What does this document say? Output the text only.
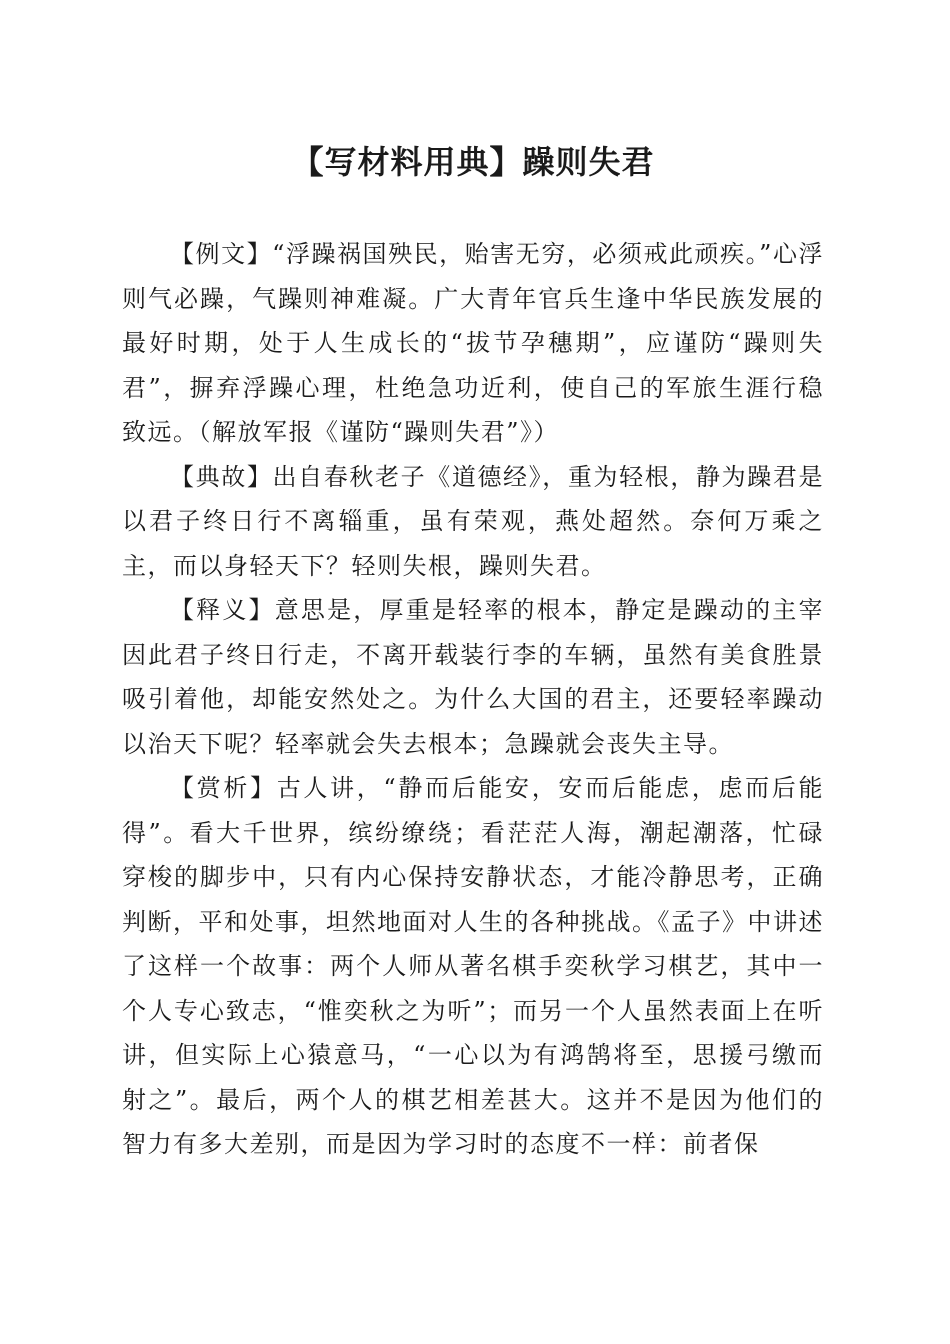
【写材料用典】躁则失君

【例文】“浮躁祸国殃民，贻害无穷，必须戒此顽疾。”心浮则气必躁，气躁则神难凝。广大青年官兵生逢中华民族发展的最好时期，处于人生成长的“拔节孕穗期”，应谨防“躁则失君”，摒弃浮躁心理，杜绝急功近利，使自己的军旅生涯行稳致远。（解放军报《谨防“躁则失君”》）

【典故】出自春秋老子《道德经》，重为轻根，静为躁君是以君子终日行不离辎重，虽有荣观，燕处超然。奈何万乘之主，而以身轻天下？轻则失根，躁则失君。

【释义】意思是，厚重是轻率的根本，静定是躁动的主宰因此君子终日行走，不离开载装行李的车辆，虽然有美食胜景吸引着他，却能安然处之。为什么大国的君主，还要轻率躁动以治天下呢？轻率就会失去根本；急躁就会丧失主导。

【赏析】古人讲，“静而后能安，安而后能虑，虑而后能得”。看大千世界，缤纷缭绕；看茫茫人海，潮起潮落，忙碌穿梭的脚步中，只有内心保持安静状态，才能冷静思考，正确判断，平和处事，坦然地面对人生的各种挑战。《孟子》中讲述了这样一个故事：两个人师从著名棋手奕秋学习棋艺，其中一个人专心致志，“惟奕秋之为听”；而另一个人虽然表面上在听讲，但实际上心猿意马，“一心以为有鸿鹄将至，思援弓缴而射之”。最后，两个人的棋艺相差甚大。这并不是因为他们的智力有多大差别，而是因为学习时的态度不一样：前者保
